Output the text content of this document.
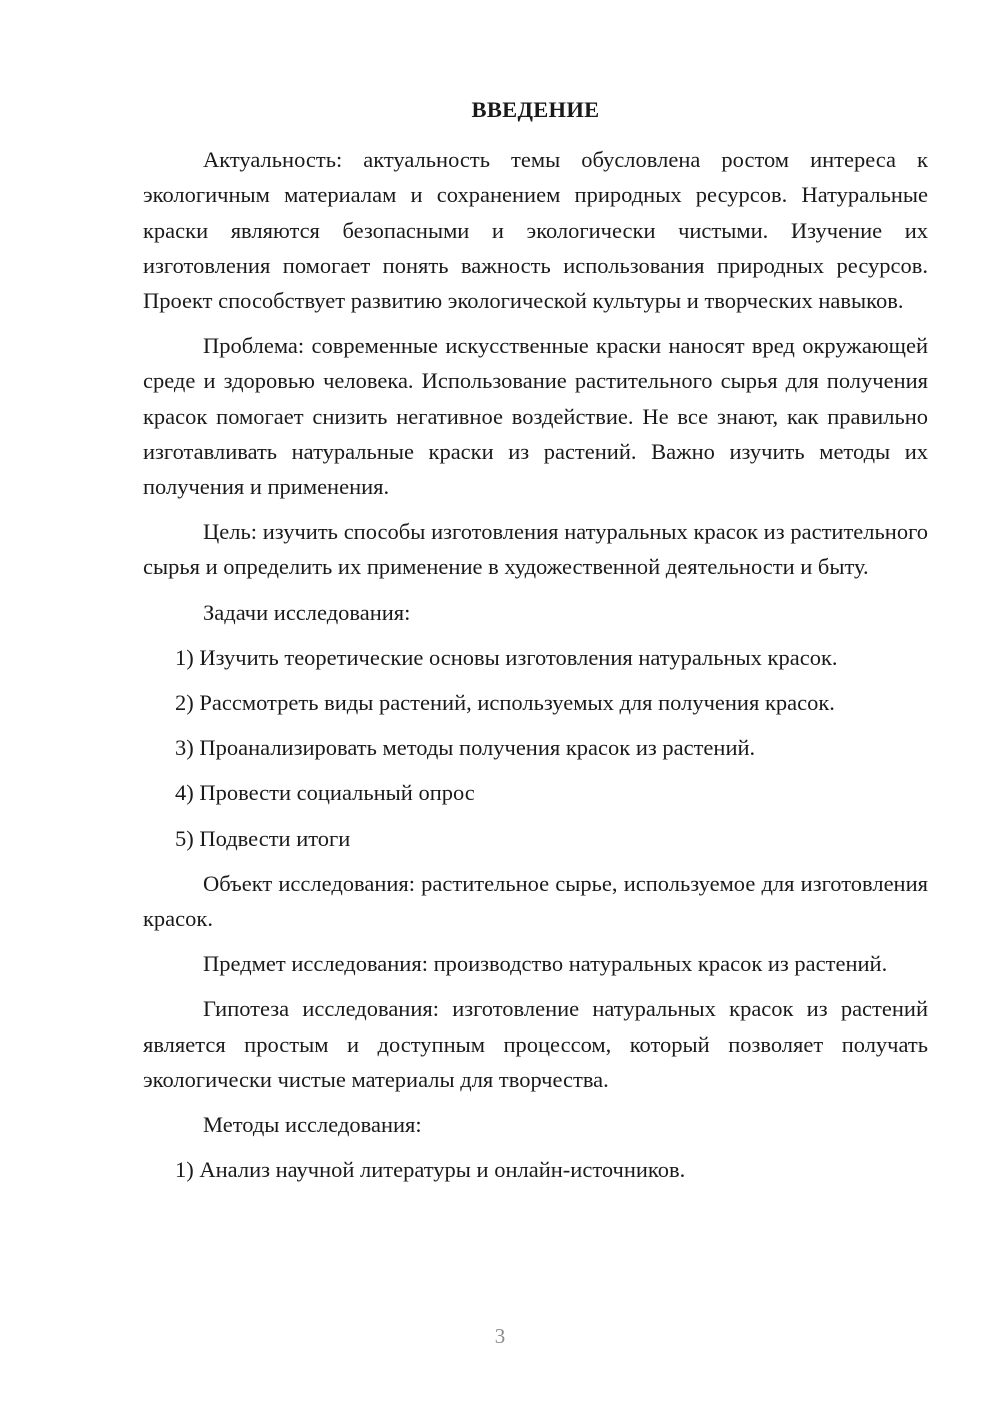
ВВЕДЕНИЕ

Актуальность: актуальность темы обусловлена ростом интереса к экологичным материалам и сохранением природных ресурсов. Натуральные краски являются безопасными и экологически чистыми. Изучение их изготовления помогает понять важность использования природных ресурсов. Проект способствует развитию экологической культуры и творческих навыков.

Проблема: современные искусственные краски наносят вред окружающей среде и здоровью человека. Использование растительного сырья для получения красок помогает снизить негативное воздействие. Не все знают, как правильно изготавливать натуральные краски из растений. Важно изучить методы их получения и применения.

Цель: изучить способы изготовления натуральных красок из растительного сырья и определить их применение в художественной деятельности и быту.

Задачи исследования:

1) Изучить теоретические основы изготовления натуральных красок.

2) Рассмотреть виды растений, используемых для получения красок.

3) Проанализировать методы получения красок из растений.

4) Провести социальный опрос

5) Подвести итоги

Объект исследования: растительное сырье, используемое для изготовления красок.

Предмет исследования: производство натуральных красок из растений.

Гипотеза исследования: изготовление натуральных красок из растений является простым и доступным процессом, который позволяет получать экологически чистые материалы для творчества.

Методы исследования:

1) Анализ научной литературы и онлайн-источников.

3
